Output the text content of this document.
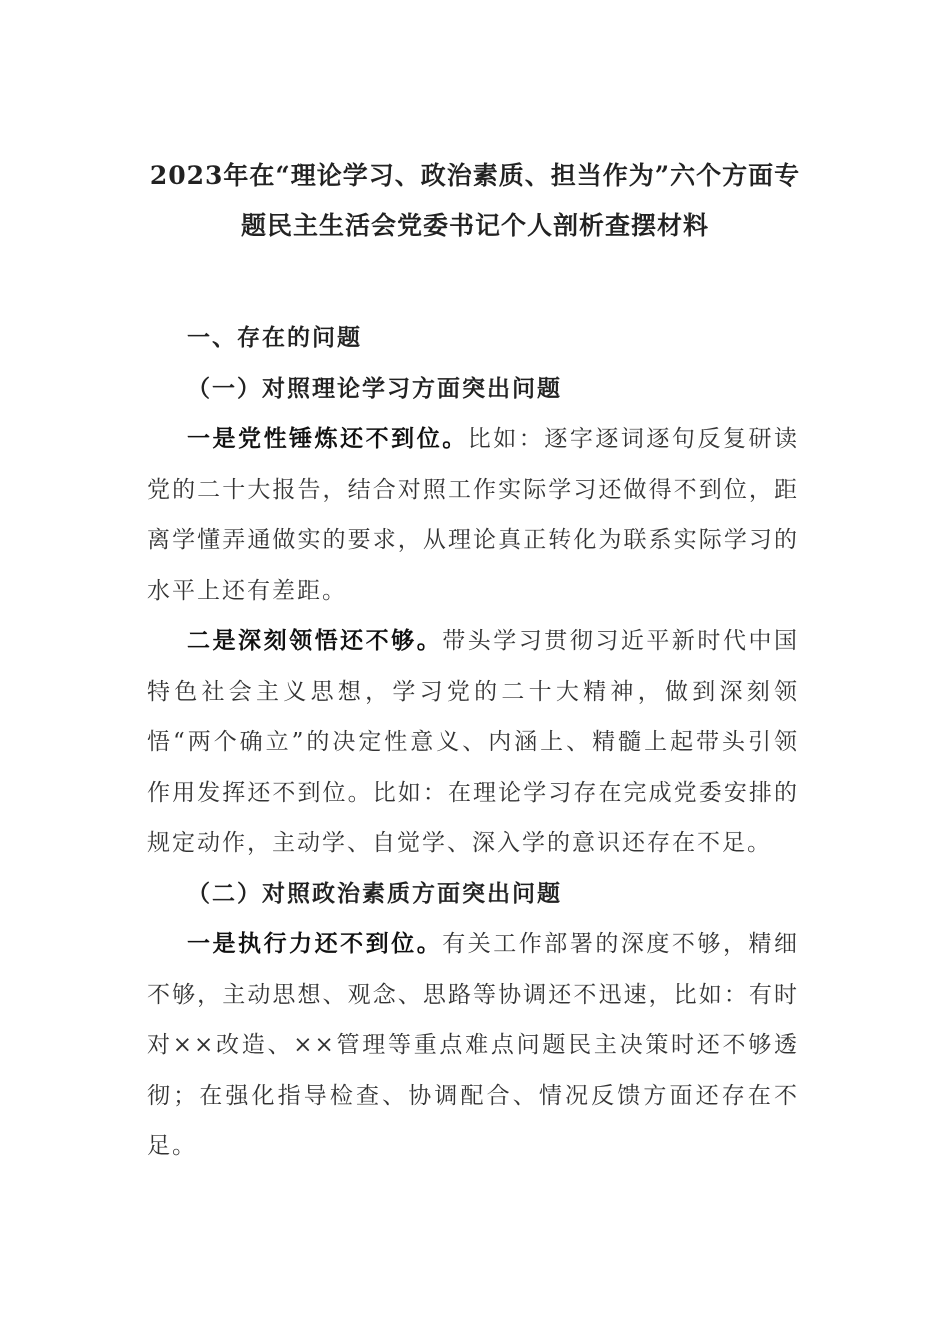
2023年在“理论学习、政治素质、担当作为”六个方面专
题民主生活会党委书记个人剖析查摆材料

一、存在的问题

（一）对照理论学习方面突出问题

一是党性锤炼还不到位。比如：逐字逐词逐句反复研读党的二十大报告，结合对照工作实际学习还做得不到位，距离学懂弄通做实的要求，从理论真正转化为联系实际学习的水平上还有差距。

二是深刻领悟还不够。带头学习贯彻习近平新时代中国特色社会主义思想，学习党的二十大精神，做到深刻领悟“两个确立”的决定性意义、内涵上、精髓上起带头引领作用发挥还不到位。比如：在理论学习存在完成党委安排的规定动作，主动学、自觉学、深入学的意识还存在不足。

（二）对照政治素质方面突出问题

一是执行力还不到位。有关工作部署的深度不够，精细不够，主动思想、观念、思路等协调还不迅速，比如：有时对××改造、××管理等重点难点问题民主决策时还不够透彻；在强化指导检查、协调配合、情况反馈方面还存在不足。
